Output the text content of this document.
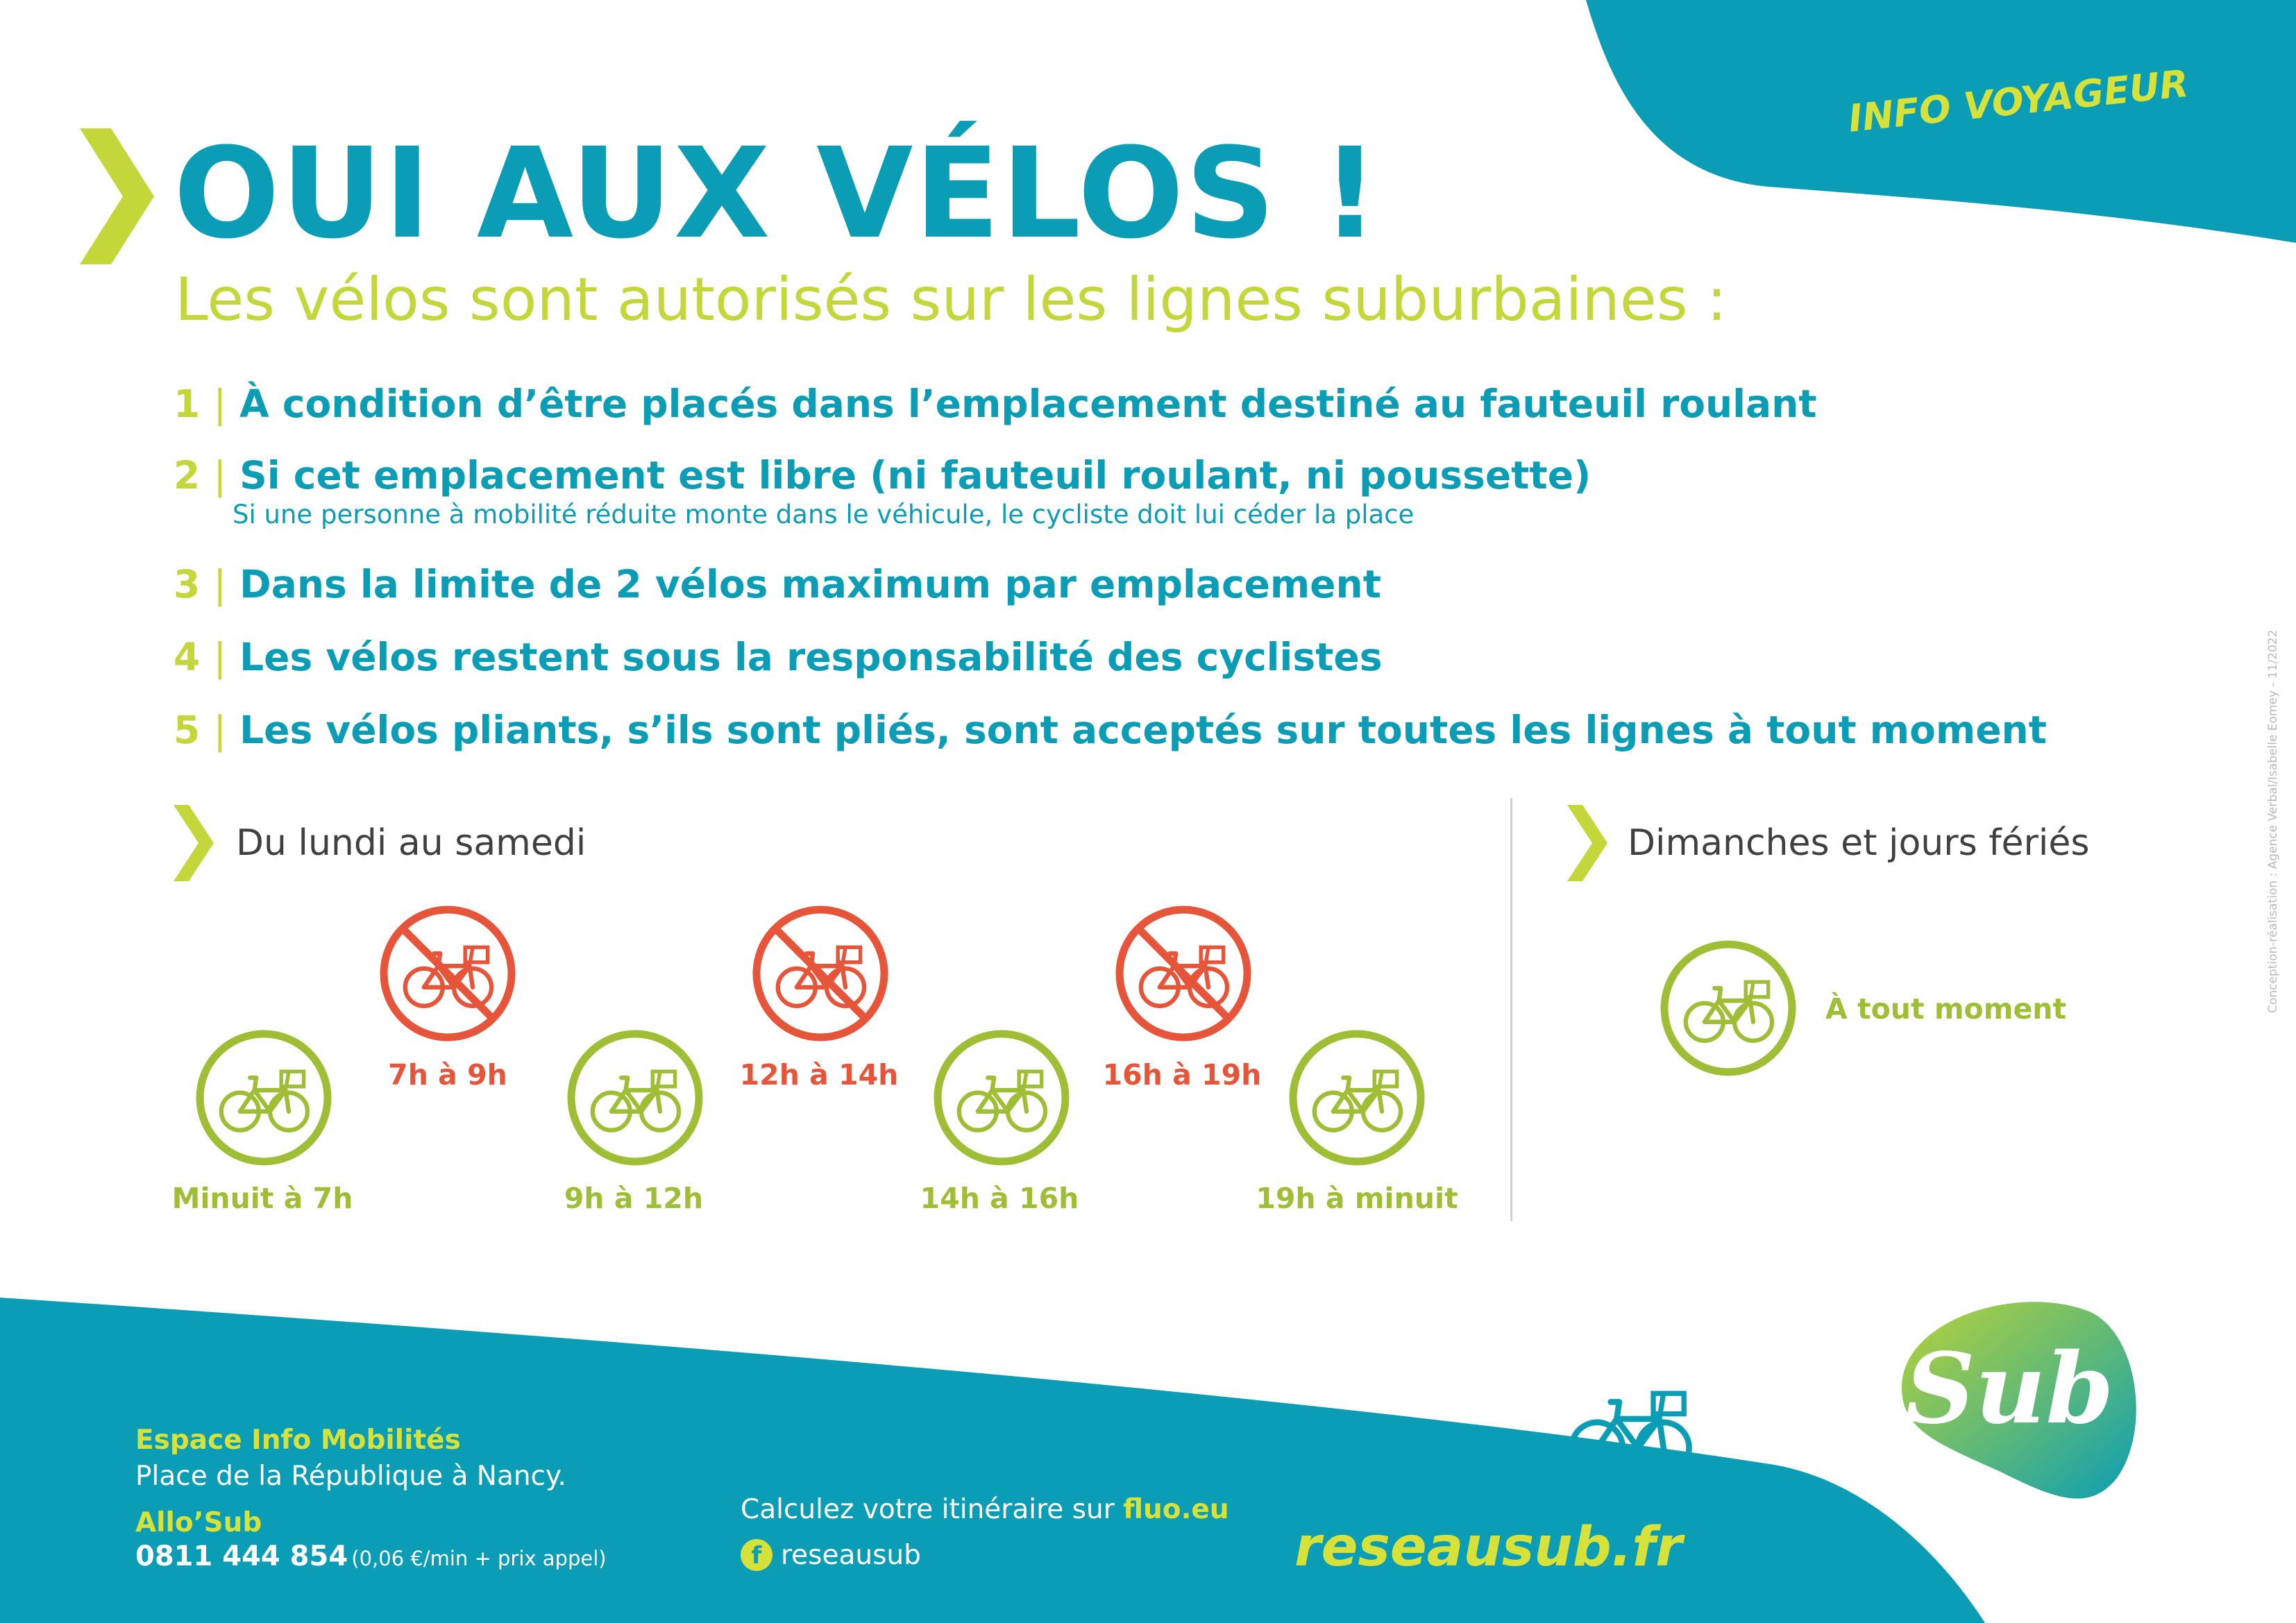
INFO VOYAGEUR
OUI AUX VÉLOS !
Les vélos sont autorisés sur les lignes suburbaines :
1 | À condition d’être placés dans l’emplacement destiné au fauteuil roulant
2 | Si cet emplacement est libre (ni fauteuil roulant, ni poussette)
Si une personne à mobilité réduite monte dans le véhicule, le cycliste doit lui céder la place
3 | Dans la limite de 2 vélos maximum par emplacement
4 | Les vélos restent sous la responsabilité des cyclistes
5 | Les vélos pliants, s’ils sont pliés, sont acceptés sur toutes les lignes à tout moment
Du lundi au samedi	Dimanches et jours fériés
Minuit à 7h
7h à 9h
9h à 12h
12h à 14h
14h à 16h
16h à 19h
19h à minuit
À tout moment	Conception-réalisation : Agence Verbal/Isabelle Eomey - 11/2022
Espace Info Mobilités
Place de la République à Nancy.
Allo’Sub
0811 444 854 (0,06 €/min + prix appel)
Calculez votre itinéraire sur fluo.eu
f reseausub	reseausub.fr
Sub
